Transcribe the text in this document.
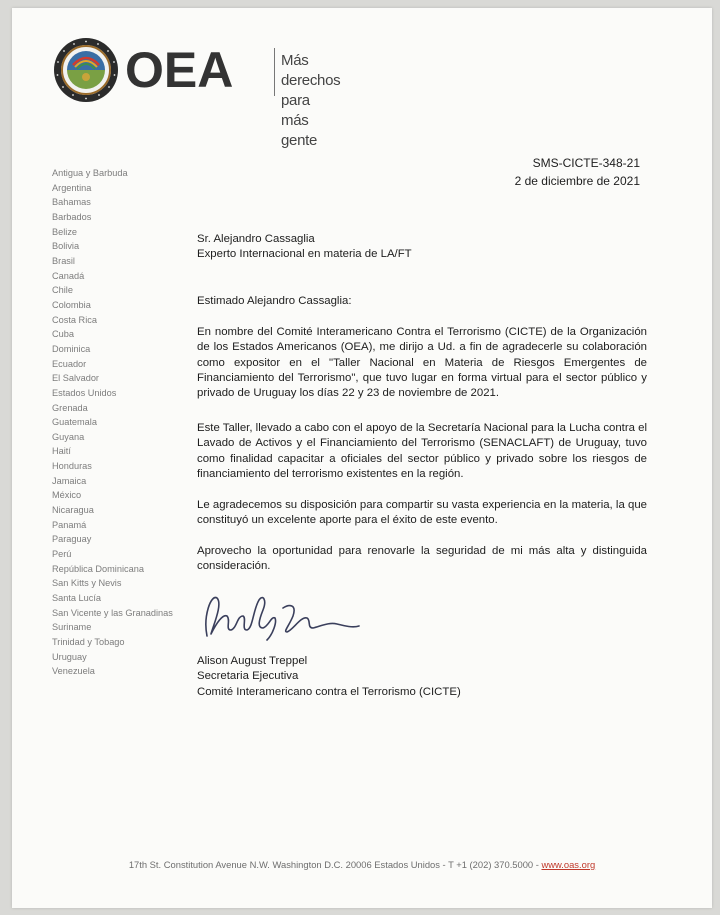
OEA	Más derechos
para más gente
Antigua y Barbuda
Argentina
Bahamas
Barbados
Belize
Bolivia
Brasil
Canadá
Chile
Colombia
Costa Rica
Cuba
Dominica
Ecuador
El Salvador
Estados Unidos
Grenada
Guatemala
Guyana
Haití
Honduras
Jamaica
México
Nicaragua
Panamá
Paraguay
Perú
República Dominicana
San Kitts y Nevis
Santa Lucía
San Vicente y las Granadinas
Suriname
Trinidad y Tobago
Uruguay
Venezuela
SMS-CICTE-348-21
2 de diciembre de 2021
Sr. Alejandro Cassaglia
Experto Internacional en materia de LA/FT

Estimado Alejandro Cassaglia:

En nombre del Comité Interamericano Contra el Terrorismo (CICTE) de la Organización de los Estados Americanos (OEA), me dirijo a Ud. a fin de agradecerle su colaboración como expositor en el "Taller Nacional en Materia de Riesgos Emergentes de Financiamiento del Terrorismo", que tuvo lugar en forma virtual para el sector público y privado de Uruguay los días 22 y 23 de noviembre de 2021.

Este Taller, llevado a cabo con el apoyo de la Secretaría Nacional para la Lucha contra el Lavado de Activos y el Financiamiento del Terrorismo (SENACLAFT) de Uruguay, tuvo como finalidad capacitar a oficiales del sector público y privado sobre los riesgos de financiamiento del terrorismo existentes en la región.

Le agradecemos su disposición para compartir su vasta experiencia en la materia, la que constituyó un excelente aporte para el éxito de este evento.

Aprovecho la oportunidad para renovarle la seguridad de mi más alta y distinguida consideración.

Alison August Treppel
Secretaria Ejecutiva
Comité Interamericano contra el Terrorismo (CICTE)
17th St. Constitution Avenue N.W. Washington D.C. 20006 Estados Unidos - T +1 (202) 370.5000 - www.oas.org
